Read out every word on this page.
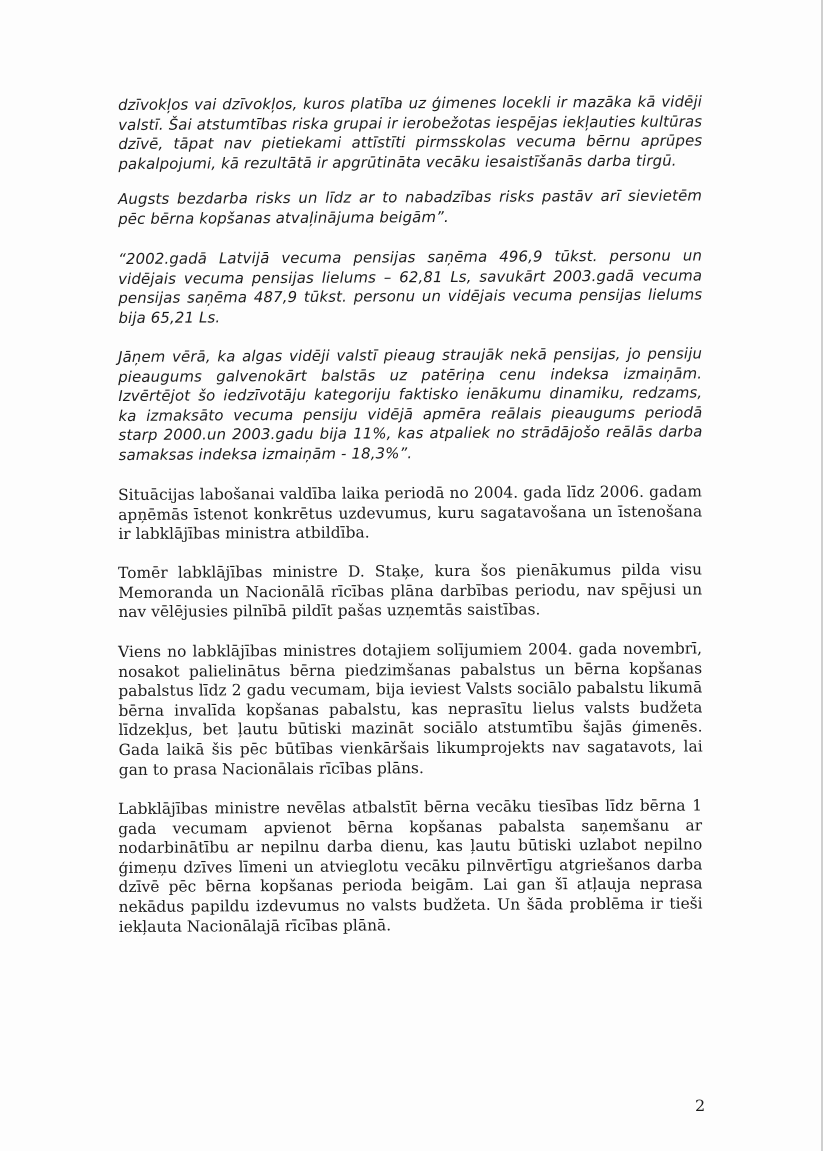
dzīvokļos vai dzīvokļos, kuros platība uz ģimenes locekli ir mazāka kā vidēji valstī. Šai atstumtības riska grupai ir ierobežotas iespējas iekļauties kultūras dzīvē, tāpat nav pietiekami attīstīti pirmsskolas vecuma bērnu aprūpes pakalpojumi, kā rezultātā ir apgrūtināta vecāku iesaistīšanās darba tirgū.

Augsts bezdarba risks un līdz ar to nabadzības risks pastāv arī sievietēm pēc bērna kopšanas atvaļinājuma beigām”.

“2002.gadā Latvijā vecuma pensijas saņēma 496,9 tūkst. personu un vidējais vecuma pensijas lielums – 62,81 Ls, savukārt 2003.gadā vecuma pensijas saņēma 487,9 tūkst. personu un vidējais vecuma pensijas lielums bija 65,21 Ls.

Jāņem vērā, ka algas vidēji valstī pieaug straujāk nekā pensijas, jo pensiju pieaugums galvenokārt balstās uz patēriņa cenu indeksa izmaiņām. Izvērtējot šo iedzīvotāju kategoriju faktisko ienākumu dinamiku, redzams, ka izmaksāto vecuma pensiju vidējā apmēra reālais pieaugums periodā starp 2000.un 2003.gadu bija 11%, kas atpaliek no strādājošo reālās darba samaksas indeksa izmaiņām - 18,3%”.

Situācijas labošanai valdība laika periodā no 2004. gada līdz 2006. gadam apņēmās īstenot konkrētus uzdevumus, kuru sagatavošana un īstenošana ir labklājības ministra atbildība.

Tomēr labklājības ministre D. Staķe, kura šos pienākumus pilda visu Memoranda un Nacionālā rīcības plāna darbības periodu, nav spējusi un nav vēlējusies pilnībā pildīt pašas uzņemtās saistības.

Viens no labklājības ministres dotajiem solījumiem 2004. gada novembrī, nosakot palielinātus bērna piedzimšanas pabalstus un bērna kopšanas pabalstus līdz 2 gadu vecumam, bija ieviest Valsts sociālo pabalstu likumā bērna invalīda kopšanas pabalstu, kas neprasītu lielus valsts budžeta līdzekļus, bet ļautu būtiski mazināt sociālo atstumtību šajās ģimenēs. Gada laikā šis pēc būtības vienkāršais likumprojekts nav sagatavots, lai gan to prasa Nacionālais rīcības plāns.

Labklājības ministre nevēlas atbalstīt bērna vecāku tiesības līdz bērna 1 gada vecumam apvienot bērna kopšanas pabalsta saņemšanu ar nodarbinātību ar nepilnu darba dienu, kas ļautu būtiski uzlabot nepilno ģimeņu dzīves līmeni un atvieglotu vecāku pilnvērtīgu atgriešanos darba dzīvē pēc bērna kopšanas perioda beigām. Lai gan šī atļauja neprasa nekādus papildu izdevumus no valsts budžeta. Un šāda problēma ir tieši iekļauta Nacionālajā rīcības plānā.

2
